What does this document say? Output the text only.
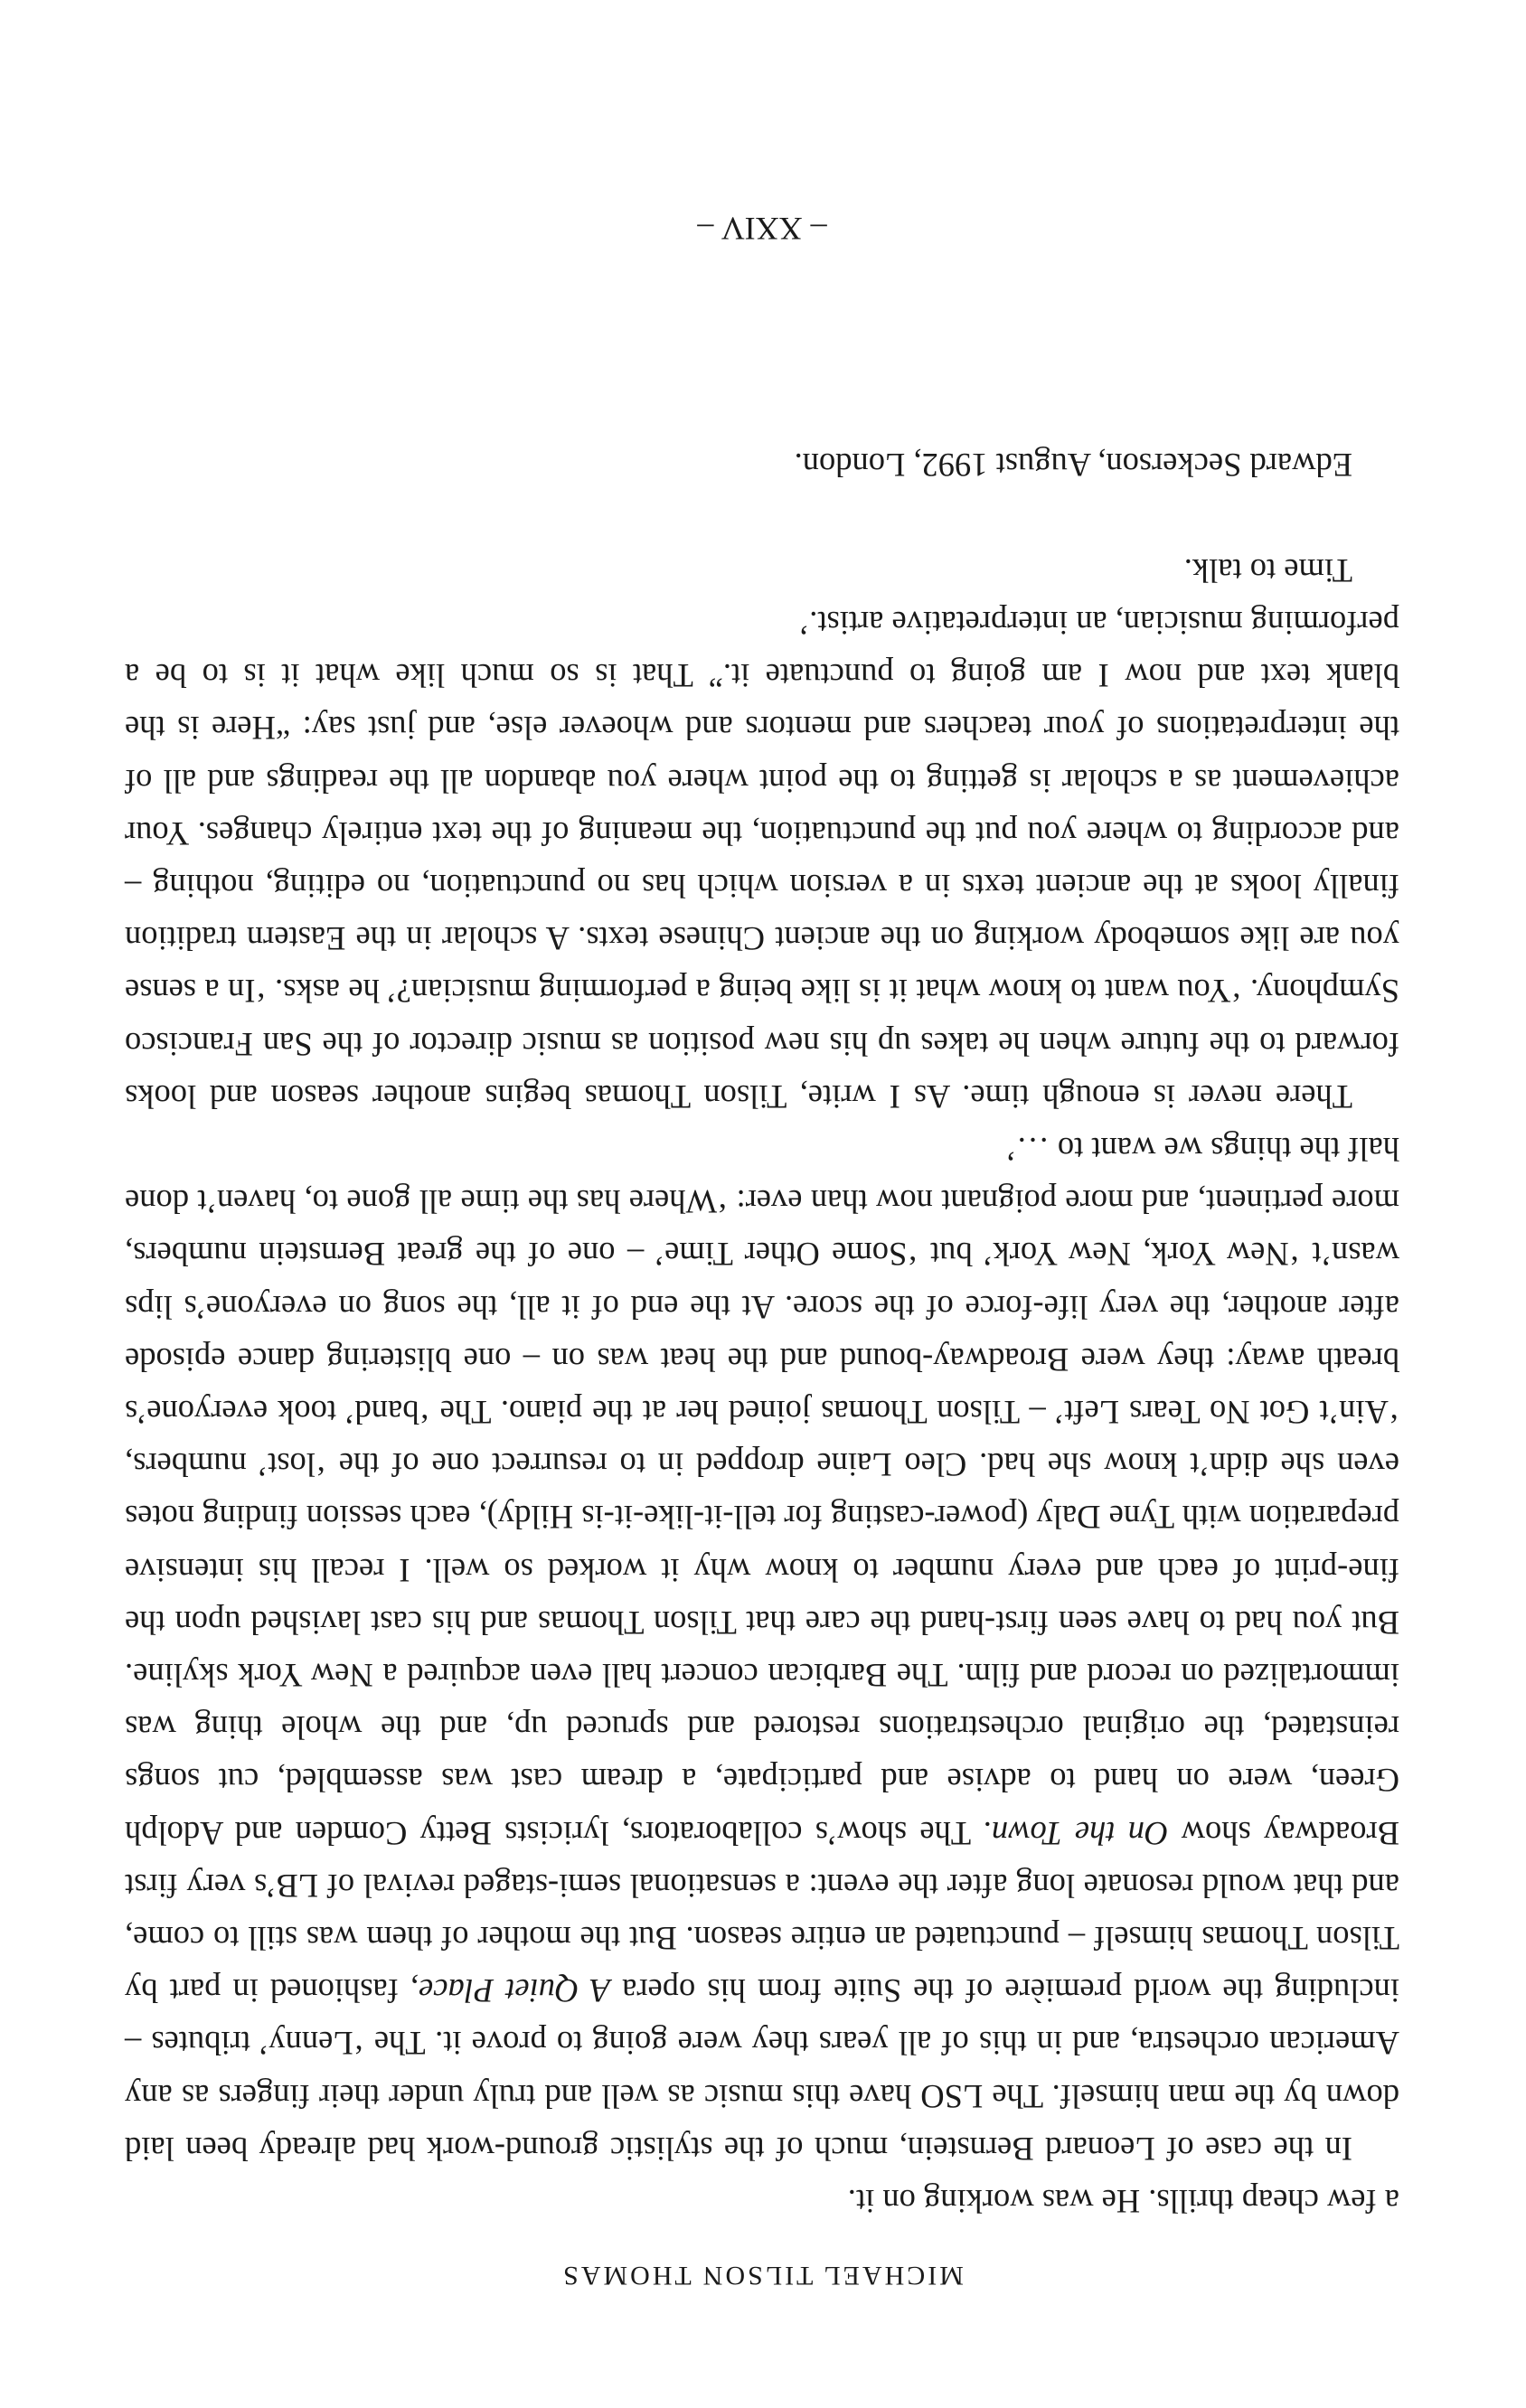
MICHAEL TILSON THOMAS

a few cheap thrills. He was working on it.

In the case of Leonard Bernstein, much of the stylistic ground-work had already been laid down by the man himself. The LSO have this music as well and truly under their fingers as any American orchestra, and in this of all years they were going to prove it. The ‘Lenny’ tributes – including the world première of the Suite from his opera A Quiet Place, fashioned in part by Tilson Thomas himself – punctuated an entire season. But the mother of them was still to come, and that would resonate long after the event: a sensational semi-staged revival of LB’s very first Broadway show On the Town. The show’s collaborators, lyricists Betty Comden and Adolph Green, were on hand to advise and participate, a dream cast was assembled, cut songs reinstated, the original orchestrations restored and spruced up, and the whole thing was immortalized on record and film. The Barbican concert hall even acquired a New York skyline. But you had to have seen first-hand the care that Tilson Thomas and his cast lavished upon the fine-print of each and every number to know why it worked so well. I recall his intensive preparation with Tyne Daly (power-casting for tell-it-like-it-is Hildy), each session finding notes even she didn’t know she had. Cleo Laine dropped in to resurrect one of the ‘lost’ numbers, ‘Ain’t Got No Tears Left’ – Tilson Thomas joined her at the piano. The ‘band’ took everyone’s breath away: they were Broadway-bound and the heat was on – one blistering dance episode after another, the very life-force of the score. At the end of it all, the song on everyone’s lips wasn’t ‘New York, New York’ but ‘Some Other Time’ – one of the great Bernstein numbers, more pertinent, and more poignant now than ever: ‘Where has the time all gone to, haven’t done half the things we want to …’

There never is enough time. As I write, Tilson Thomas begins another season and looks forward to the future when he takes up his new position as music director of the San Francisco Symphony. ‘You want to know what it is like being a performing musician?’ he asks. ‘In a sense you are like somebody working on the ancient Chinese texts. A scholar in the Eastern tradition finally looks at the ancient texts in a version which has no punctuation, no editing, nothing – and according to where you put the punctuation, the meaning of the text entirely changes. Your achievement as a scholar is getting to the point where you abandon all the readings and all of the interpretations of your teachers and mentors and whoever else, and just say: “Here is the blank text and now I am going to punctuate it.” That is so much like what it is to be a performing musician, an interpretative artist.’

Time to talk.

Edward Seckerson, August 1992, London.

– XXIV –
